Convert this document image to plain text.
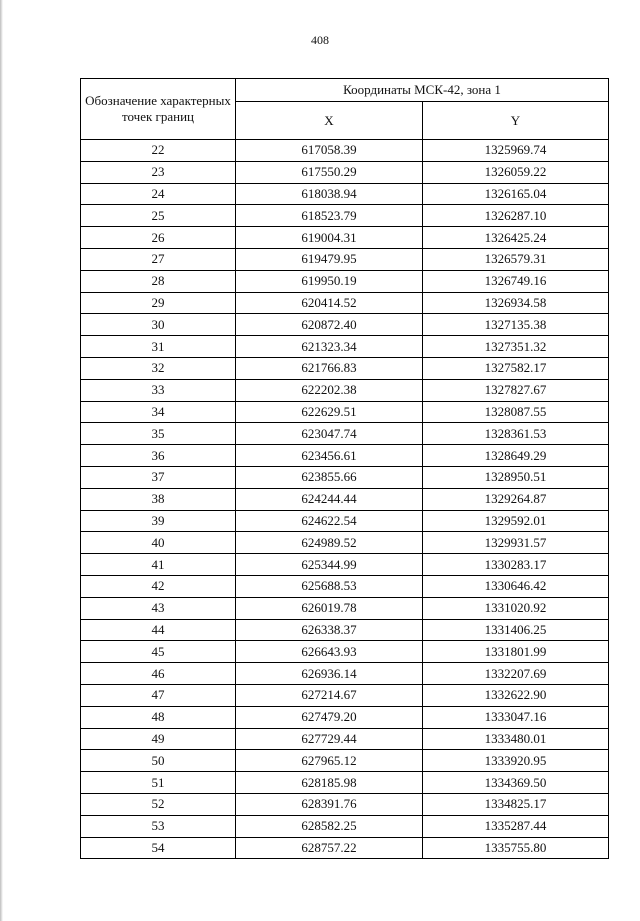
408
Обозначение характерных точек границ	Координаты МСК-42, зона 1	
	X	Y
22	617058.39	1325969.74
23	617550.29	1326059.22
24	618038.94	1326165.04
25	618523.79	1326287.10
26	619004.31	1326425.24
27	619479.95	1326579.31
28	619950.19	1326749.16
29	620414.52	1326934.58
30	620872.40	1327135.38
31	621323.34	1327351.32
32	621766.83	1327582.17
33	622202.38	1327827.67
34	622629.51	1328087.55
35	623047.74	1328361.53
36	623456.61	1328649.29
37	623855.66	1328950.51
38	624244.44	1329264.87
39	624622.54	1329592.01
40	624989.52	1329931.57
41	625344.99	1330283.17
42	625688.53	1330646.42
43	626019.78	1331020.92
44	626338.37	1331406.25
45	626643.93	1331801.99
46	626936.14	1332207.69
47	627214.67	1332622.90
48	627479.20	1333047.16
49	627729.44	1333480.01
50	627965.12	1333920.95
51	628185.98	1334369.50
52	628391.76	1334825.17
53	628582.25	1335287.44
54	628757.22	1335755.80
